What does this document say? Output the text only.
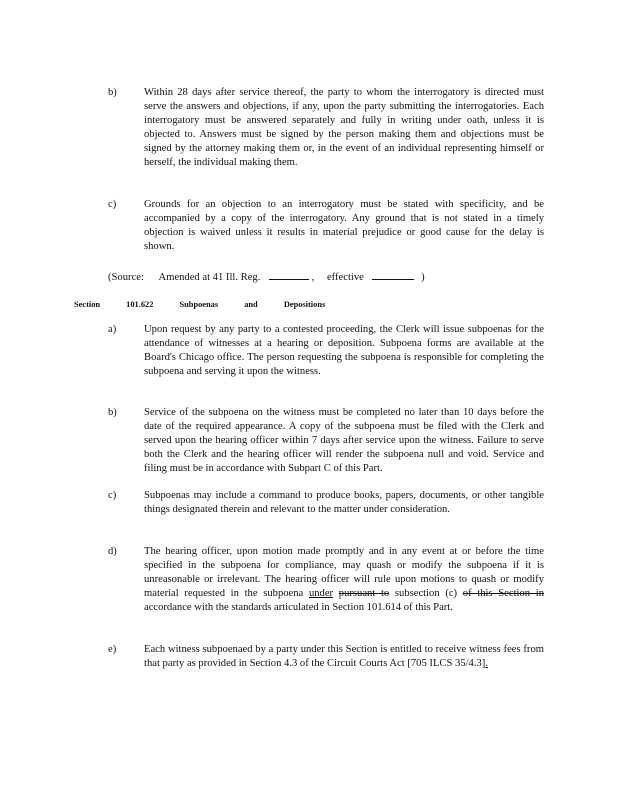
b)	Within 28 days after service thereof, the party to whom the interrogatory is directed must serve the answers and objections, if any, upon the party submitting the interrogatories. Each interrogatory must be answered separately and fully in writing under oath, unless it is objected to. Answers must be signed by the person making them and objections must be signed by the attorney making them or, in the event of an individual representing himself or herself, the individual making them.

c)	Grounds for an objection to an interrogatory must be stated with specificity, and be accompanied by a copy of the interrogatory. Any ground that is not stated in a timely objection is waived unless it results in material prejudice or good cause for the delay is shown.

(Source: Amended at 41 Ill. Reg.	, effective	)
Section	101.622	Subpoenas	and	Depositions
a)	Upon request by any party to a contested proceeding, the Clerk will issue subpoenas for the attendance of witnesses at a hearing or deposition. Subpoena forms are available at the Board's Chicago office. The person requesting the subpoena is responsible for completing the subpoena and serving it upon the witness.

b)	Service of the subpoena on the witness must be completed no later than 10 days before the date of the required appearance. A copy of the subpoena must be filed with the Clerk and served upon the hearing officer within 7 days after service upon the witness. Failure to serve both the Clerk and the hearing officer will render the subpoena null and void. Service and filing must be in accordance with Subpart C of this Part.

c)	Subpoenas may include a command to produce books, papers, documents, or other tangible things designated therein and relevant to the matter under consideration.

d)	The hearing officer, upon motion made promptly and in any event at or before the time specified in the subpoena for compliance, may quash or modify the subpoena if it is unreasonable or irrelevant. The hearing officer will rule upon motions to quash or modify material requested in the subpoena under pursuant to subsection (c) of this Section in accordance with the standards articulated in Section 101.614 of this Part.

e)	Each witness subpoenaed by a party under this Section is entitled to receive witness fees from that party as provided in Section 4.3 of the Circuit Courts Act [705 ILCS 35/4.3].
